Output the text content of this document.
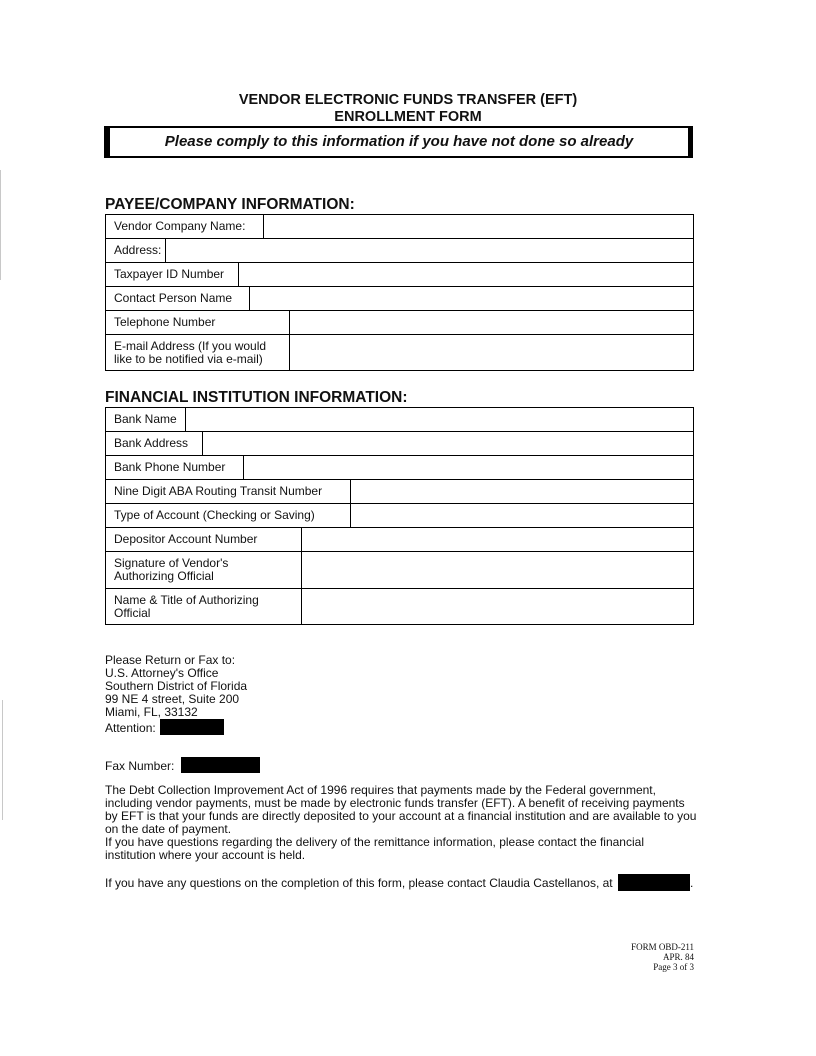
VENDOR ELECTRONIC FUNDS TRANSFER (EFT)
ENROLLMENT FORM
Please comply to this information if you have not done so already
PAYEE/COMPANY INFORMATION:
Vendor Company Name:
Address:
Taxpayer ID Number
Contact Person Name
Telephone Number
E-mail Address (If you would like to be notified via e-mail)
FINANCIAL INSTITUTION INFORMATION:
Bank Name
Bank Address
Bank Phone Number
Nine Digit ABA Routing Transit Number
Type of Account (Checking or Saving)
Depositor Account Number
Signature of Vendor's Authorizing Official
Name & Title of Authorizing Official
Please Return or Fax to:
U.S. Attorney's Office
Southern District of Florida
99 NE 4 street, Suite 200
Miami, FL, 33132
Attention:
Fax Number:
The Debt Collection Improvement Act of 1996 requires that payments made by the Federal government, including vendor payments, must be made by electronic funds transfer (EFT). A benefit of receiving payments by EFT is that your funds are directly deposited to your account at a financial institution and are available to you on the date of payment.
If you have questions regarding the delivery of the remittance information, please contact the financial institution where your account is held.
If you have any questions on the completion of this form, please contact Claudia Castellanos, at	.
FORM OBD-211
APR. 84
Page 3 of 3
